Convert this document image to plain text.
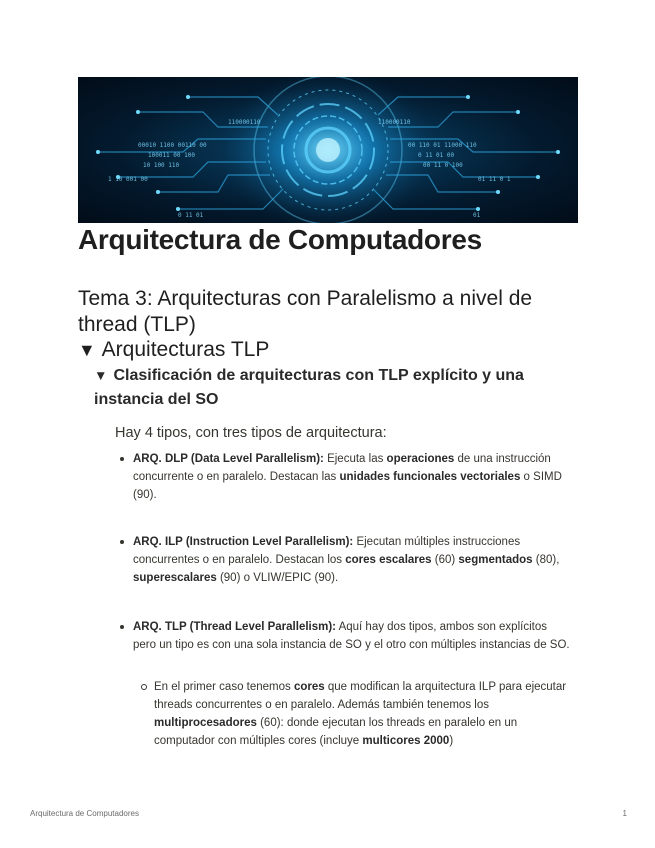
110000110	110000110
00010 1100 00110 00	00 110 01 11000 110
100011 00 100	0 11 01 00
10 100 110	00 11 0 100
1 10 001 00	01 11 0 1
0 11 01	01
Arquitectura de Computadores
Tema 3: Arquitecturas con Paralelismo a nivel de thread (TLP)
▼ Arquitecturas TLP
▼ Clasificación de arquitecturas con TLP explícito y una instancia del SO

Hay 4 tipos, con tres tipos de arquitectura:

ARQ. DLP (Data Level Parallelism): Ejecuta las operaciones de una instrucción concurrente o en paralelo. Destacan las unidades funcionales vectoriales o SIMD (90).

ARQ. ILP (Instruction Level Parallelism): Ejecutan múltiples instrucciones concurrentes o en paralelo. Destacan los cores escalares (60) segmentados (80), superescalares (90) o VLIW/EPIC (90).

ARQ. TLP (Thread Level Parallelism): Aquí hay dos tipos, ambos son explícitos pero un tipo es con una sola instancia de SO y el otro con múltiples instancias de SO.

En el primer caso tenemos cores que modifican la arquitectura ILP para ejecutar threads concurrentes o en paralelo. Además también tenemos los multiprocesadores (60): donde ejecutan los threads en paralelo en un computador con múltiples cores (incluye multicores 2000)

Arquitectura de Computadores	1
